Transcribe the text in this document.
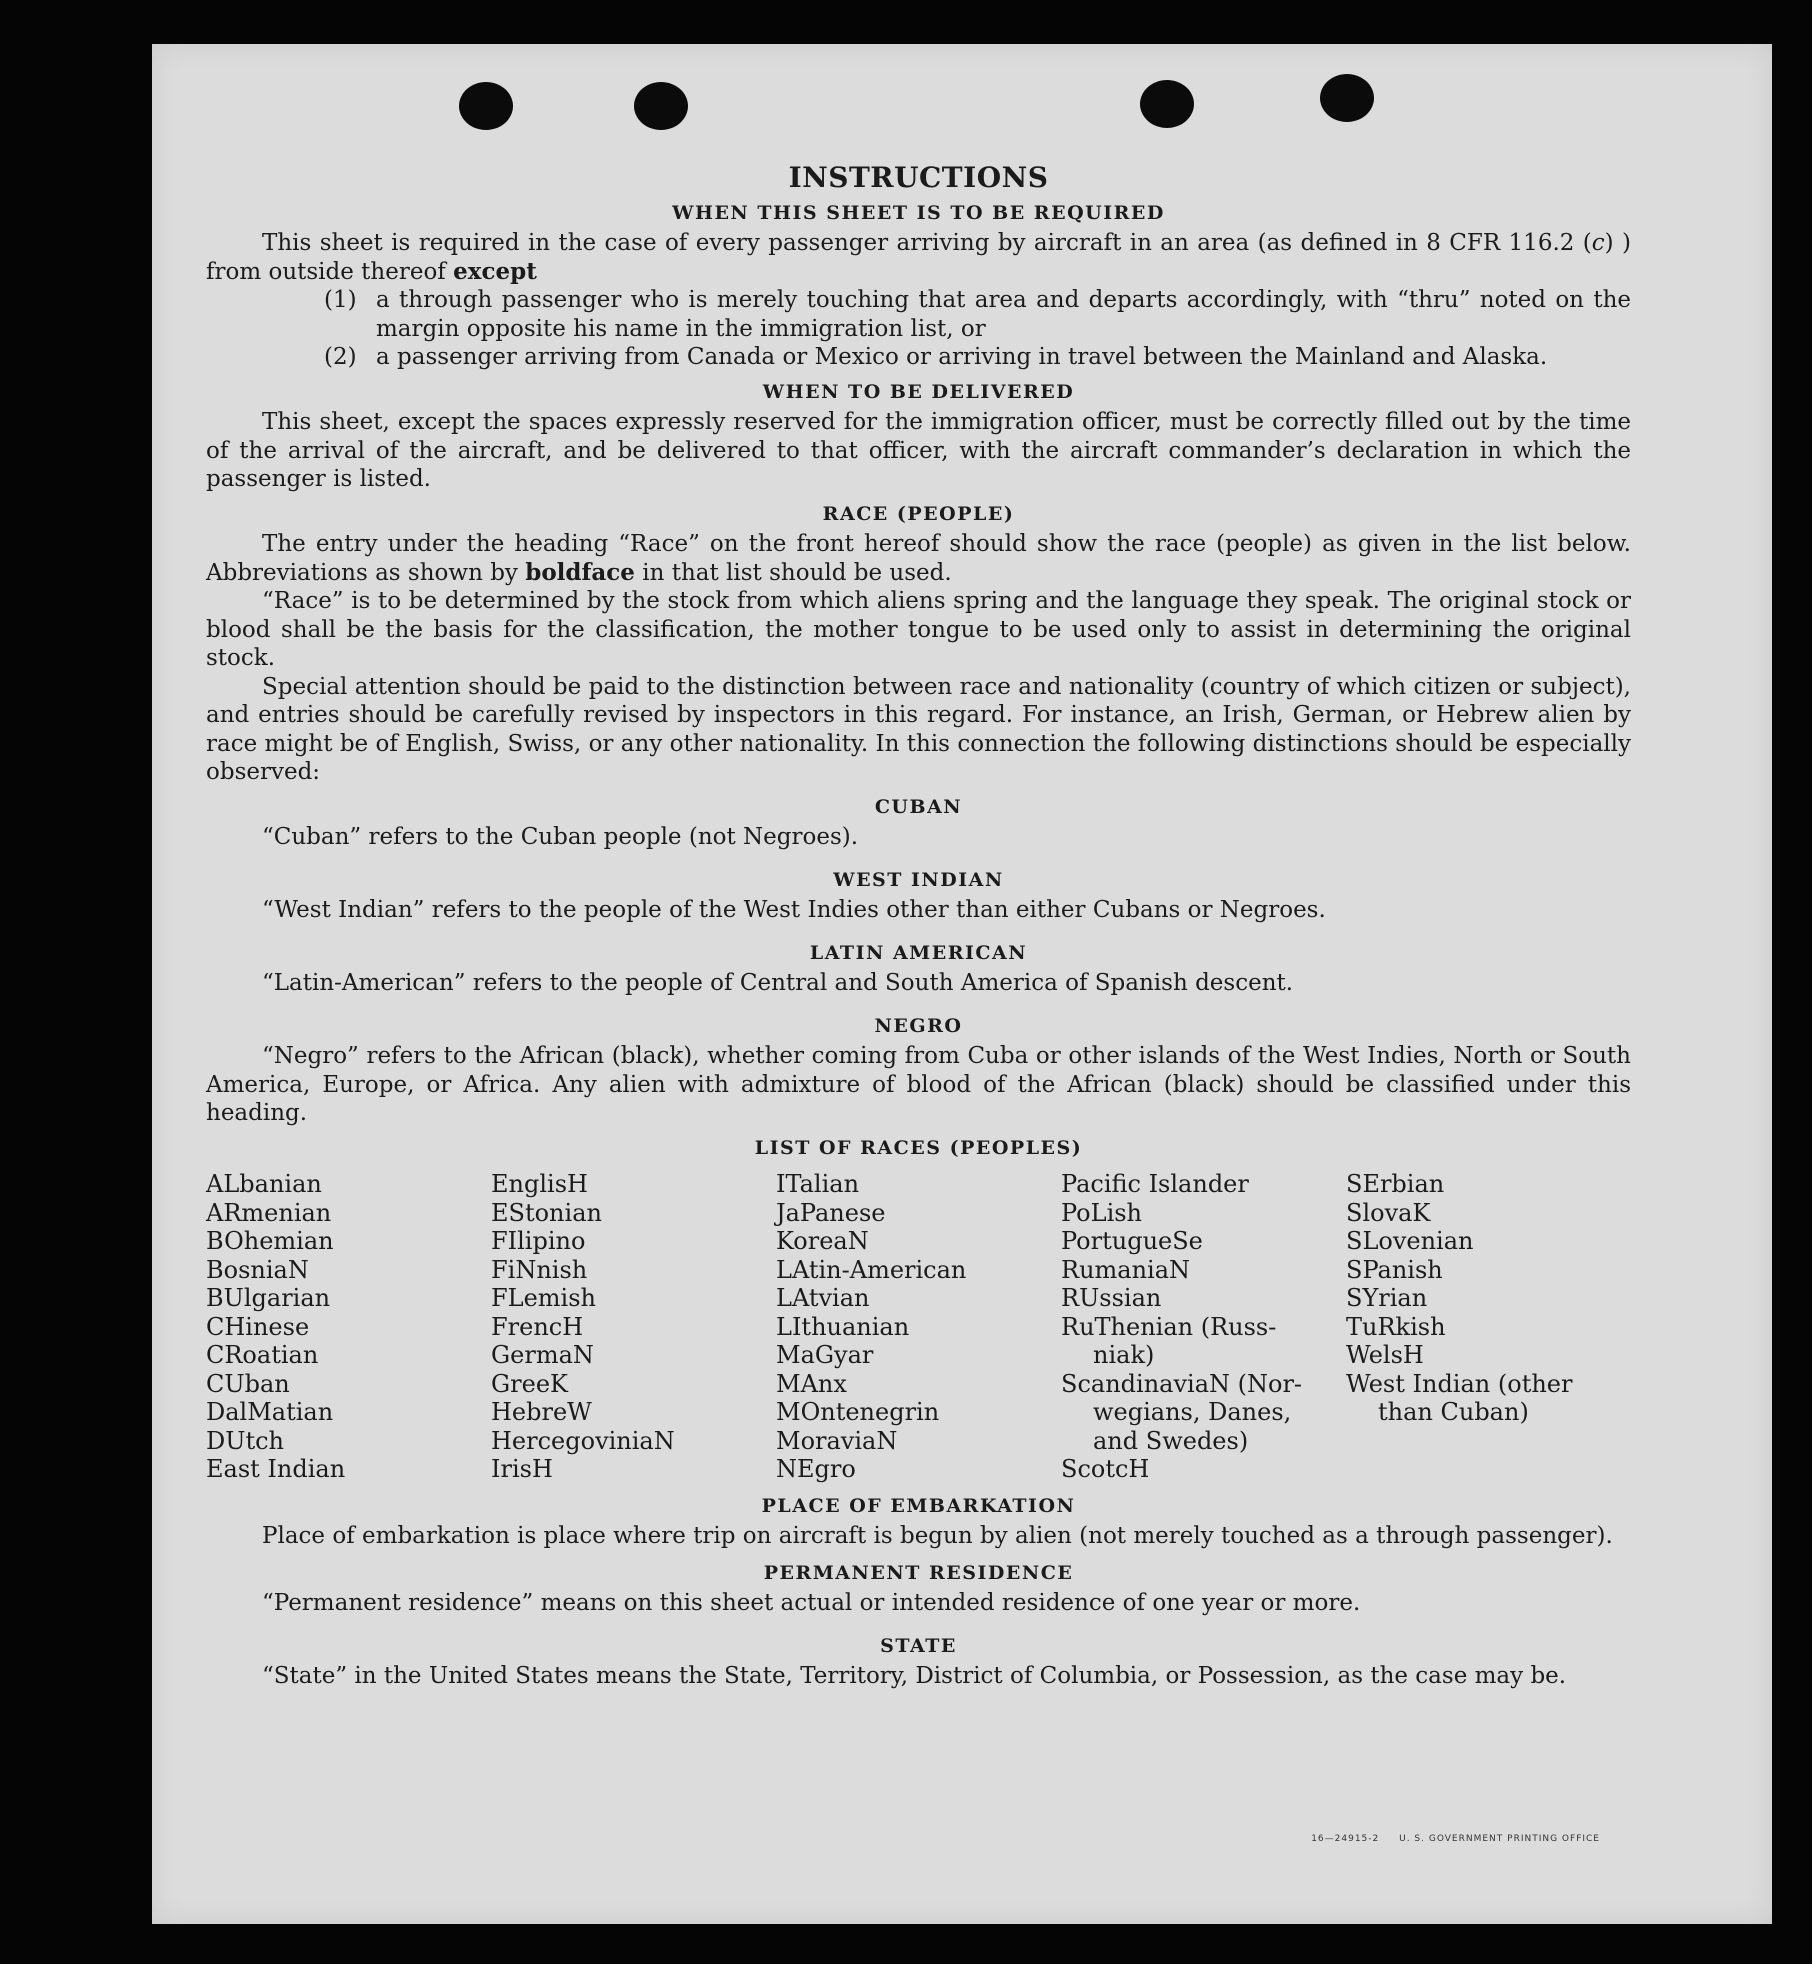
INSTRUCTIONS
WHEN THIS SHEET IS TO BE REQUIRED

This sheet is required in the case of every passenger arriving by aircraft in an area (as defined in 8 CFR 116.2 (c) ) from outside thereof except

(1) a through passenger who is merely touching that area and departs accordingly, with “thru” noted on the margin opposite his name in the immigration list, or
(2) a passenger arriving from Canada or Mexico or arriving in travel between the Mainland and Alaska.
WHEN TO BE DELIVERED

This sheet, except the spaces expressly reserved for the immigration officer, must be correctly filled out by the time of the arrival of the aircraft, and be delivered to that officer, with the aircraft commander’s declaration in which the passenger is listed.

RACE (PEOPLE)

The entry under the heading “Race” on the front hereof should show the race (people) as given in the list below. Abbreviations as shown by boldface in that list should be used.

“Race” is to be determined by the stock from which aliens spring and the language they speak. The original stock or blood shall be the basis for the classification, the mother tongue to be used only to assist in determining the original stock.

Special attention should be paid to the distinction between race and nationality (country of which citizen or subject), and entries should be carefully revised by inspectors in this regard. For instance, an Irish, German, or Hebrew alien by race might be of English, Swiss, or any other nationality. In this connection the following distinctions should be especially observed:

CUBAN

“Cuban” refers to the Cuban people (not Negroes).

WEST INDIAN

“West Indian” refers to the people of the West Indies other than either Cubans or Negroes.

LATIN AMERICAN

“Latin-American” refers to the people of Central and South America of Spanish descent.

NEGRO

“Negro” refers to the African (black), whether coming from Cuba or other islands of the West Indies, North or South America, Europe, or Africa. Any alien with admixture of blood of the African (black) should be classified under this heading.

LIST OF RACES (PEOPLES)
ALbanian
ARmenian
BOhemian
BosniaN
BUlgarian
CHinese
CRoatian
CUban
DalMatian
DUtch
East Indian
EnglisH
EStonian
FIlipino
FiNnish
FLemish
FrencH
GermaN
GreeK
HebreW
HercegoviniaN
IrisH
ITalian
JaPanese
KoreaN
LAtin-American
LAtvian
LIthuanian
MaGyar
MAnx
MOntenegrin
MoraviaN
NEgro
Pacific Islander
PoLish
PortugueSe
RumaniaN
RUssian
RuThenian (Russ-
niak)
ScandinaviaN (Nor-
wegians, Danes,
and Swedes)
ScotcH
SErbian
SlovaK
SLovenian
SPanish
SYrian
TuRkish
WelsH
West Indian (other
than Cuban)
PLACE OF EMBARKATION

Place of embarkation is place where trip on aircraft is begun by alien (not merely touched as a through passenger).

PERMANENT RESIDENCE

“Permanent residence” means on this sheet actual or intended residence of one year or more.

STATE

“State” in the United States means the State, Territory, District of Columbia, or Possession, as the case may be.

16—24915-2 U. S. GOVERNMENT PRINTING OFFICE
